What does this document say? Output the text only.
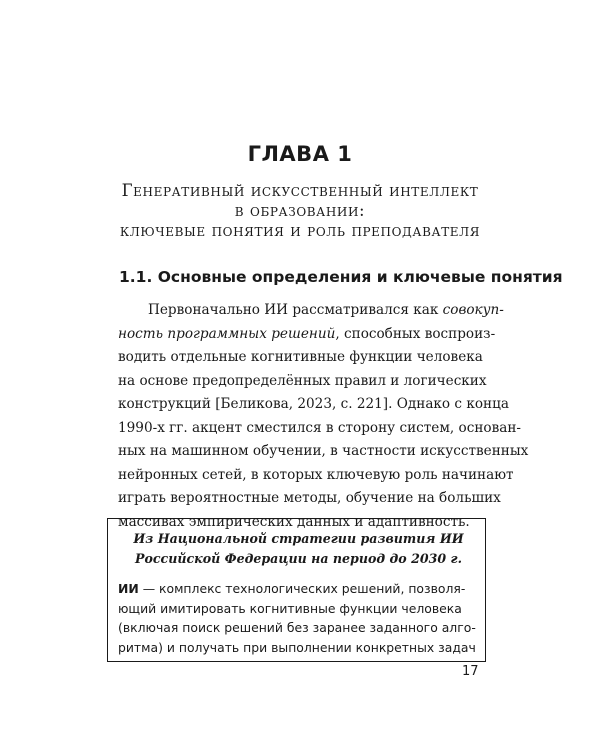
ГЛАВА 1
Генеративный искусственный интеллект
в образовании:
ключевые понятия и роль преподавателя
1.1. Основные определения и ключевые понятия
Первоначально ИИ рассматривался как совокуп-
ность программных решений, способных воспроиз-
водить отдельные когнитивные функции человека
на основе предопределённых правил и логических
конструкций [Беликова, 2023, с. 221]. Однако с конца
1990-х гг. акцент сместился в сторону систем, основан-
ных на машинном обучении, в частности искусственных
нейронных сетей, в которых ключевую роль начинают
играть вероятностные методы, обучение на больших
массивах эмпирических данных и адаптивность.
Из Национальной стратегии развития ИИ
Российской Федерации на период до 2030 г.
ИИ — комплекс технологических решений, позволя-
ющий имитировать когнитивные функции человека
(включая поиск решений без заранее заданного алго-
ритма) и получать при выполнении конкретных задач
17
